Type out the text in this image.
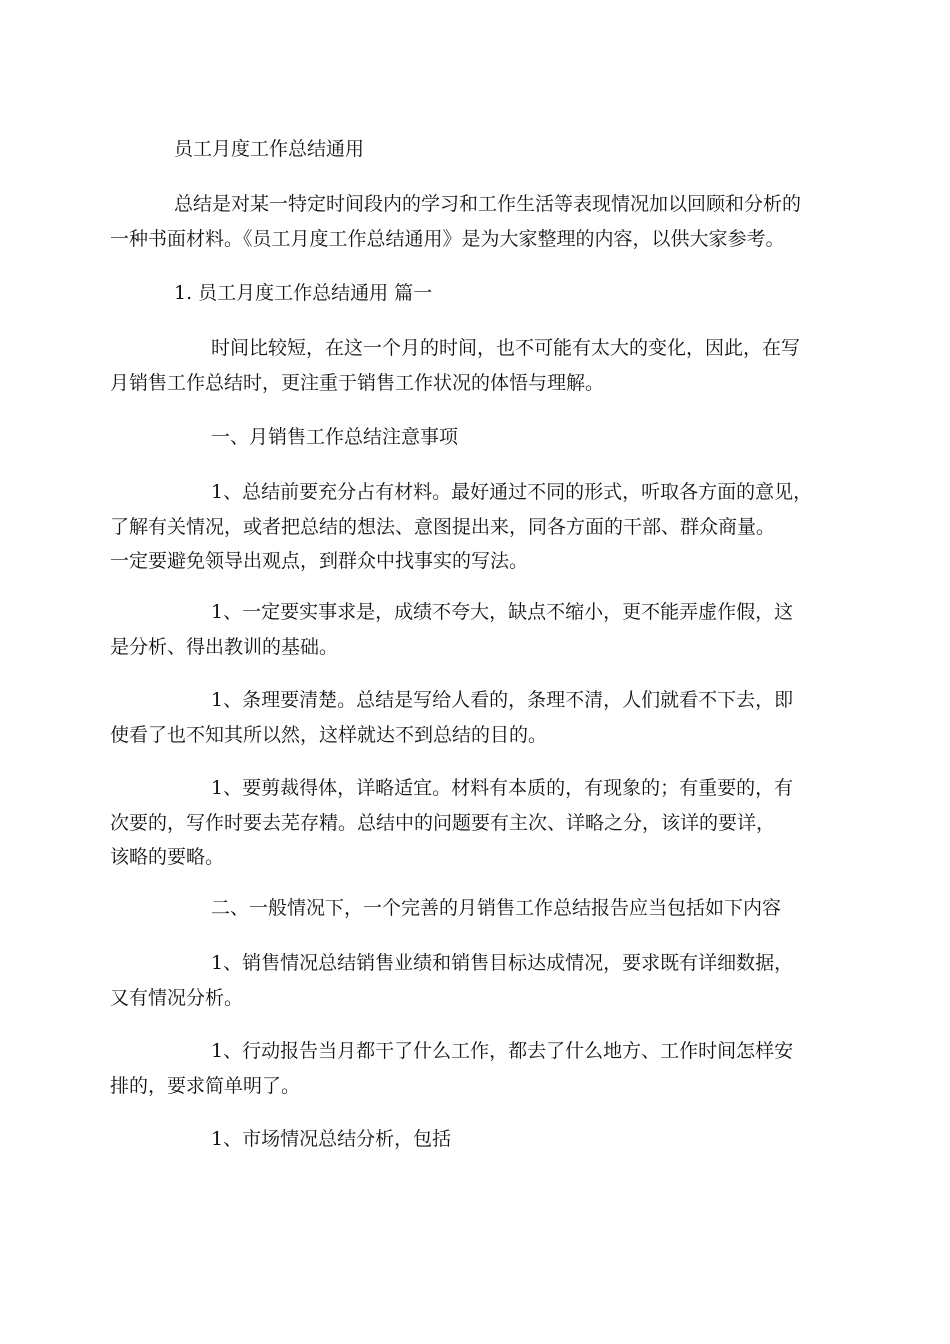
员工月度工作总结通用

总结是对某一特定时间段内的学习和工作生活等表现情况加以回顾和分析的
一种书面材料。《员工月度工作总结通用》是为大家整理的内容，以供大家参考。

1. 员工月度工作总结通用 篇一

时间比较短，在这一个月的时间，也不可能有太大的变化，因此，在写
月销售工作总结时，更注重于销售工作状况的体悟与理解。

一、月销售工作总结注意事项

1、总结前要充分占有材料。最好通过不同的形式，听取各方面的意见，
了解有关情况，或者把总结的想法、意图提出来，同各方面的干部、群众商量。
一定要避免领导出观点，到群众中找事实的写法。

1、一定要实事求是，成绩不夸大，缺点不缩小，更不能弄虚作假，这
是分析、得出教训的基础。

1、条理要清楚。总结是写给人看的，条理不清，人们就看不下去，即
使看了也不知其所以然，这样就达不到总结的目的。

1、要剪裁得体，详略适宜。材料有本质的，有现象的；有重要的，有
次要的，写作时要去芜存精。总结中的问题要有主次、详略之分，该详的要详，
该略的要略。

二、一般情况下，一个完善的月销售工作总结报告应当包括如下内容

1、销售情况总结销售业绩和销售目标达成情况，要求既有详细数据，
又有情况分析。

1、行动报告当月都干了什么工作，都去了什么地方、工作时间怎样安
排的，要求简单明了。

1、市场情况总结分析，包括
